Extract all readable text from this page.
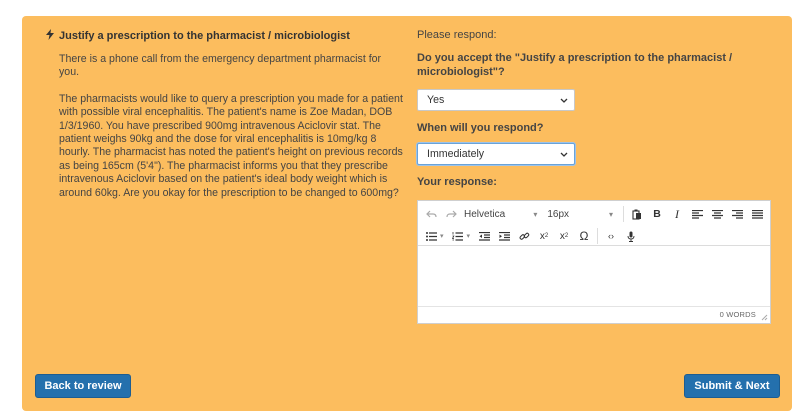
Justify a prescription to the pharmacist / microbiologist

There is a phone call from the emergency department pharmacist for you.

The pharmacists would like to query a prescription you made for a patient with possible viral encephalitis. The patient's name is Zoe Madan, DOB 1/3/1960. You have prescribed 900mg intravenous Aciclovir stat. The patient weighs 90kg and the dose for viral encephalitis is 10mg/kg 8 hourly. The pharmacist has noted the patient's height on previous records as being 165cm (5'4"). The pharmacist informs you that they prescribe intravenous Aciclovir based on the patient's ideal body weight which is around 60kg. Are you okay for the prescription to be changed to 600mg?

Please respond:
Do you accept the "Justify a prescription to the pharmacist / microbiologist"?
Yes
When will you respond?
Immediately
Your response:
Helvetica	▾ 16px	▾	B	I
▾	▾	x 2 x 2 Ω	‹›
0 WORDS
Back to review	Submit & Next
